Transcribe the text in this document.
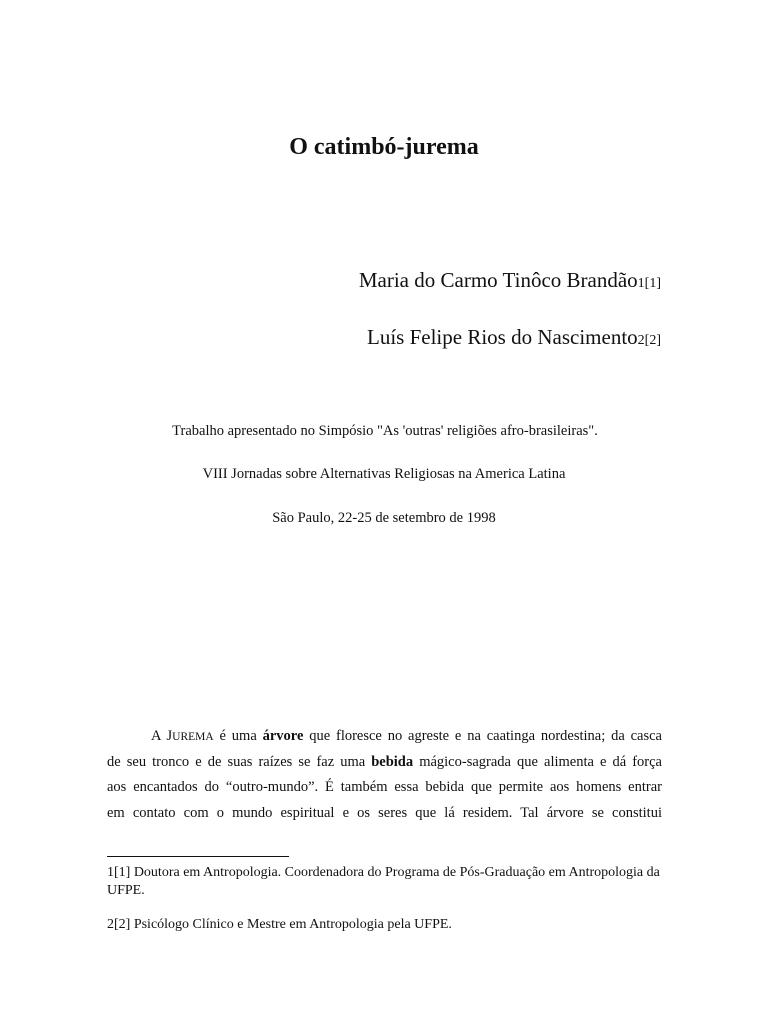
O catimbó-jurema
Maria do Carmo Tinôco Brandão1[1]
Luís Felipe Rios do Nascimento2[2]
Trabalho apresentado no Simpósio "As 'outras' religiões afro-brasileiras".
VIII Jornadas sobre Alternativas Religiosas na America Latina
São Paulo, 22-25 de setembro de 1998
A JUREMA é uma árvore que floresce no agreste e na caatinga nordestina; da casca
de seu tronco e de suas raízes se faz uma bebida mágico-sagrada que alimenta e dá força
aos encantados do “outro-mundo”. É também essa bebida que permite aos homens entrar
em contato com o mundo espiritual e os seres que lá residem. Tal árvore se constitui
1[1] Doutora em Antropologia. Coordenadora do Programa de Pós-Graduação em Antropologia da UFPE.
2[2] Psicólogo Clínico e Mestre em Antropologia pela UFPE.
